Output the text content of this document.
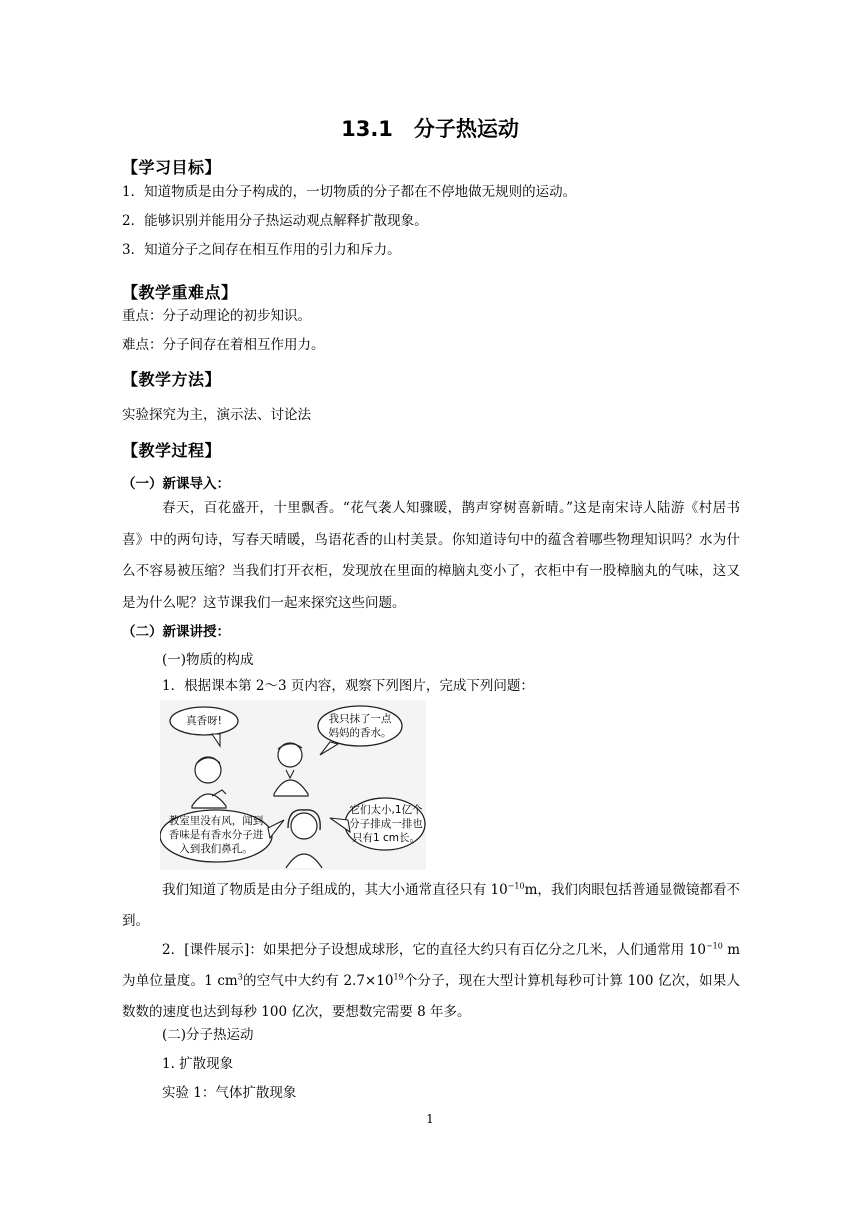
13.1　分子热运动
【学习目标】
1．知道物质是由分子构成的，一切物质的分子都在不停地做无规则的运动。
2．能够识别并能用分子热运动观点解释扩散现象。
3．知道分子之间存在相互作用的引力和斥力。
【教学重难点】
重点：分子动理论的初步知识。
难点：分子间存在着相互作用力。
【教学方法】
实验探究为主，演示法、讨论法
【教学过程】
（一）新课导入：
春天，百花盛开，十里飘香。“花气袭人知骤暖，鹊声穿树喜新晴。”这是南宋诗人陆游《村居书喜》中的两句诗，写春天晴暖，鸟语花香的山村美景。你知道诗句中的蕴含着哪些物理知识吗？水为什么不容易被压缩？当我们打开衣柜，发现放在里面的樟脑丸变小了，衣柜中有一股樟脑丸的气味，这又是为什么呢？这节课我们一起来探究这些问题。
（二）新课讲授：
(一)物质的构成
1．根据课本第 2～3 页内容，观察下列图片，完成下列问题：
真香呀!	我只抹了一点
妈妈的香水。
教室里没有风，闻到
香味是有香水分子进
入到我们鼻孔。
它们太小,1亿个
分子排成一排也
只有1 cm长。
我们知道了物质是由分子组成的，其大小通常直径只有 $10^{-10}m$，我们肉眼包括普通显微镜都看不到。
2．[课件展示]：如果把分子设想成球形，它的直径大约只有百亿分之几米，人们通常用 $10^{-10}$ m 为单位量度。1 $cm^3$的空气中大约有 $2.7\times 10^{19}$个分子，现在大型计算机每秒可计算 100 亿次，如果人数数的速度也达到每秒 100 亿次，要想数完需要 8 年多。
(二)分子热运动
1. 扩散现象
实验 1：气体扩散现象
1
